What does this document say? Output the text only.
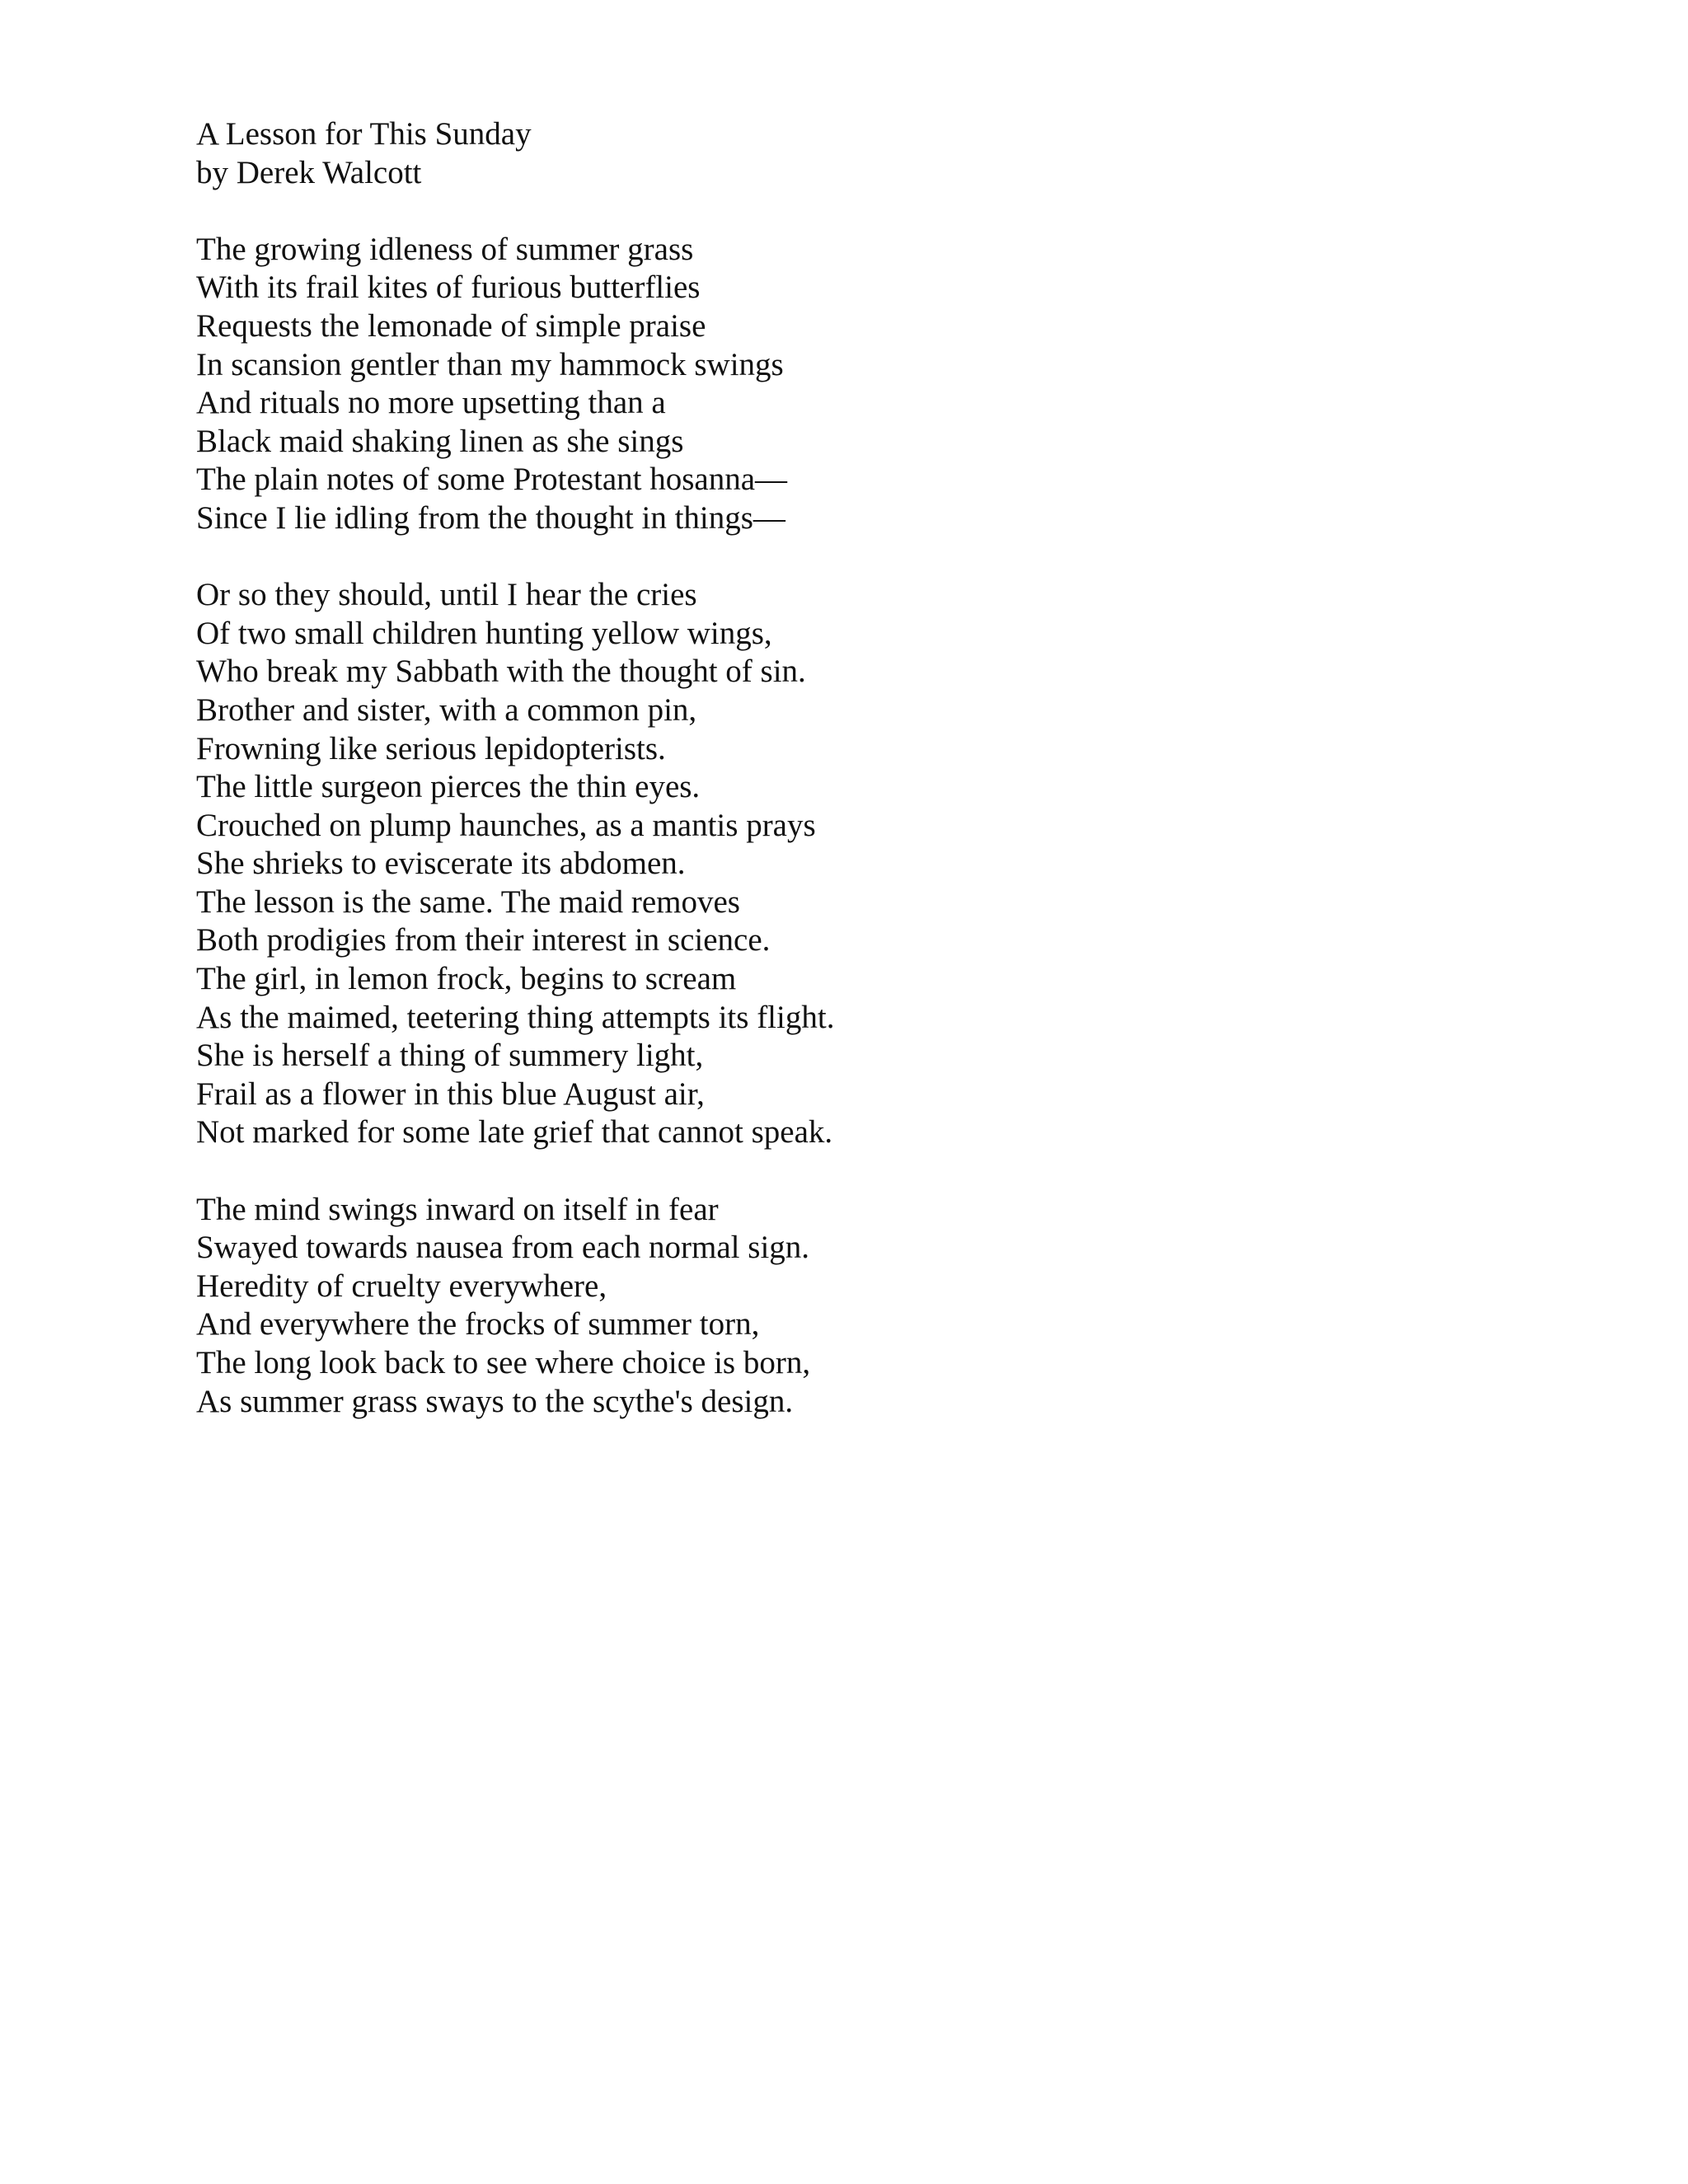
A Lesson for This Sunday
by Derek Walcott
The growing idleness of summer grass
With its frail kites of furious butterflies
Requests the lemonade of simple praise
In scansion gentler than my hammock swings
And rituals no more upsetting than a
Black maid shaking linen as she sings
The plain notes of some Protestant hosanna—
Since I lie idling from the thought in things—
Or so they should, until I hear the cries
Of two small children hunting yellow wings,
Who break my Sabbath with the thought of sin.
Brother and sister, with a common pin,
Frowning like serious lepidopterists.
The little surgeon pierces the thin eyes.
Crouched on plump haunches, as a mantis prays
She shrieks to eviscerate its abdomen.
The lesson is the same. The maid removes
Both prodigies from their interest in science.
The girl, in lemon frock, begins to scream
As the maimed, teetering thing attempts its flight.
She is herself a thing of summery light,
Frail as a flower in this blue August air,
Not marked for some late grief that cannot speak.
The mind swings inward on itself in fear
Swayed towards nausea from each normal sign.
Heredity of cruelty everywhere,
And everywhere the frocks of summer torn,
The long look back to see where choice is born,
As summer grass sways to the scythe's design.
